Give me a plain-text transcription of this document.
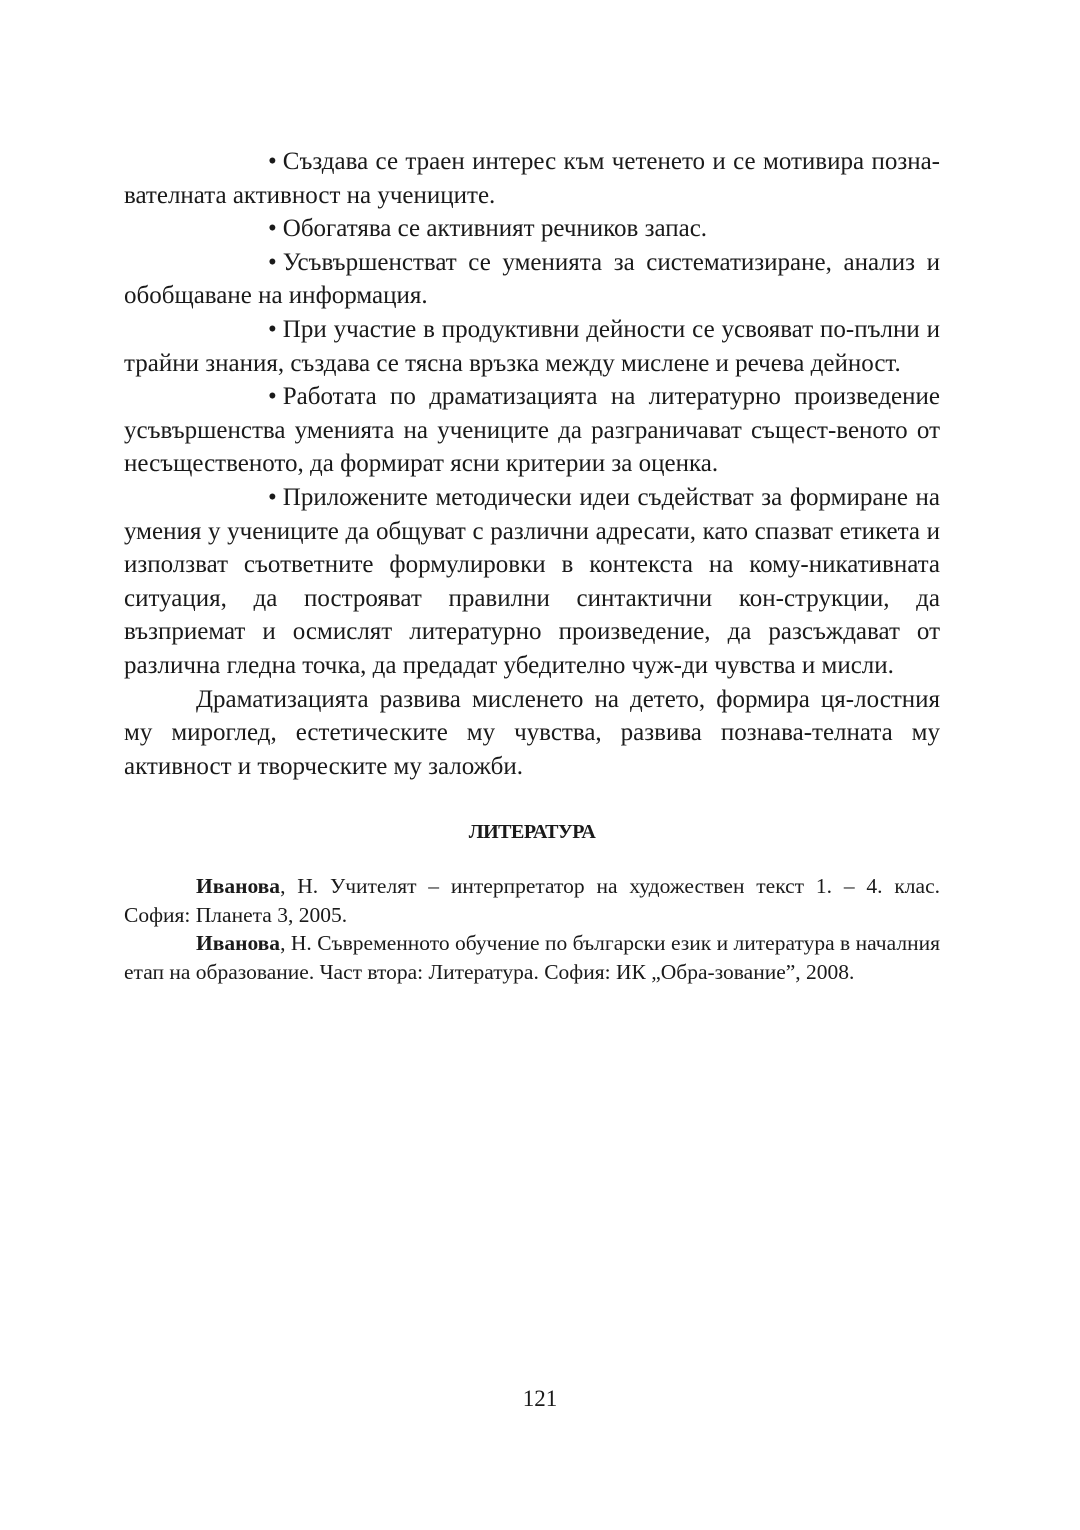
• Създава се траен интерес към четенето и се мотивира позна-вателната активност на учениците.

• Обогатява се активният речников запас.

• Усъвършенстват се уменията за систематизиране, анализ и обобщаване на информация.

• При участие в продуктивни дейности се усвояват по-пълни и трайни знания, създава се тясна връзка между мислене и речева дейност.

• Работата по драматизацията на литературно произведение усъвършенства уменията на учениците да разграничават същест-веното от несъщественото, да формират ясни критерии за оценка.

• Приложените методически идеи съдействат за формиране на умения у учениците да общуват с различни адресати, като спазват етикета и използват съответните формулировки в контекста на кому-никативната ситуация, да построяват правилни синтактични кон-струкции, да възприемат и осмислят литературно произведение, да разсъждават от различна гледна точка, да предадат убедително чуж-ди чувства и мисли.

Драматизацията развива мисленето на детето, формира ця-лостния му мироглед, естетическите му чувства, развива познава-телната му активност и творческите му заложби.

ЛИТЕРАТУРА

Иванова, Н. Учителят – интерпретатор на художествен текст 1. – 4. клас. София: Планета 3, 2005.

Иванова, Н. Съвременното обучение по български език и литература в началния етап на образование. Част втора: Литература. София: ИК „Обра-зование”, 2008.

121
